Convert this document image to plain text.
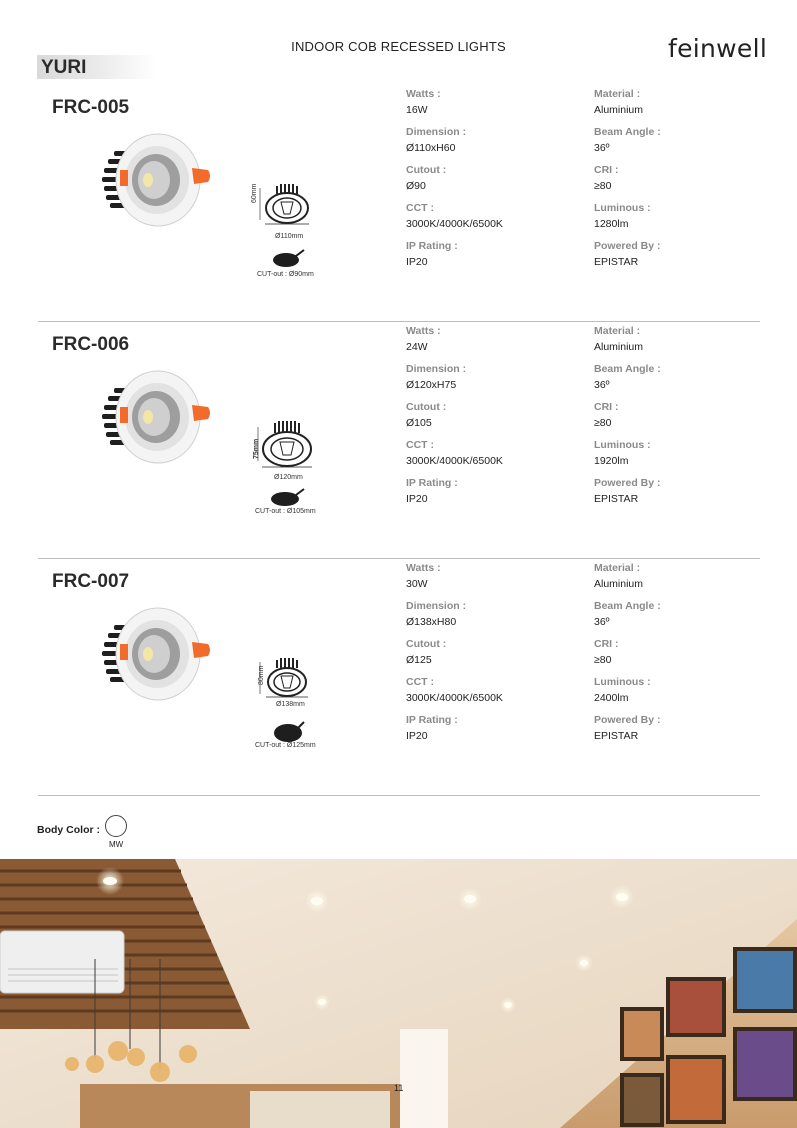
INDOOR COB RECESSED LIGHTS	feinwell
YURI
FRC-005
60mm
Ø110mm
CUT-out : Ø90mm
Watts :
16W
Dimension :
Ø110xH60
Cutout :
Ø90
CCT :
3000K/4000K/6500K
IP Rating :
IP20
Material :
Aluminium
Beam Angle :
36º
CRI :
≥80
Luminous :
1280lm
Powered By :
EPISTAR
FRC-006
75mm
Ø120mm
CUT-out : Ø105mm
Watts :
24W
Dimension :
Ø120xH75
Cutout :
Ø105
CCT :
3000K/4000K/6500K
IP Rating :
IP20
Material :
Aluminium
Beam Angle :
36º
CRI :
≥80
Luminous :
1920lm
Powered By :
EPISTAR
FRC-007
80mm
Ø138mm
CUT-out : Ø125mm
Watts :
30W
Dimension :
Ø138xH80
Cutout :
Ø125
CCT :
3000K/4000K/6500K
IP Rating :
IP20
Material :
Aluminium
Beam Angle :
36º
CRI :
≥80
Luminous :
2400lm
Powered By :
EPISTAR
Body Color :
MW
11
